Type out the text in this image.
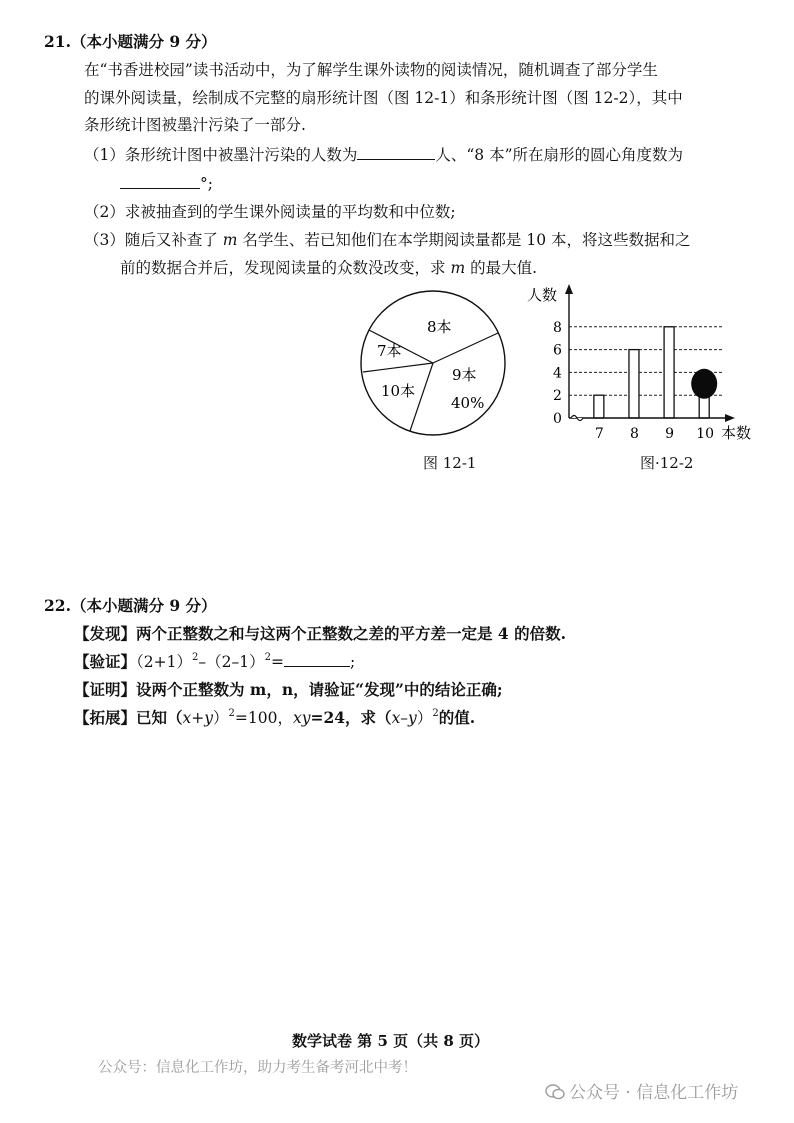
21.（本小题满分 9 分）
在“书香进校园”读书活动中，为了解学生课外读物的阅读情况，随机调查了部分学生
的课外阅读量，绘制成不完整的扇形统计图（图 12-1）和条形统计图（图 12-2），其中
条形统计图被墨汁污染了一部分.
（1）条形统计图中被墨汁污染的人数为	人、“8 本”所在扇形的圆心角度数为
°;
（2）求被抽查到的学生课外阅读量的平均数和中位数;
（3）随后又补查了 m 名学生、若已知他们在本学期阅读量都是 10 本，将这些数据和之
前的数据合并后，发现阅读量的众数没改变，求 m 的最大值.
8本
7本
10本
9本
40%
图 12-1
人数
本数
0
2
4
6
8
7 8 9 10
图·12-2
22.（本小题满分 9 分）
【发现】两个正整数之和与这两个正整数之差的平方差一定是 4 的倍数.
【验证】$(2+1)^2-(2-1)^2=$	;
【证明】设两个正整数为 m，n，请验证“发现”中的结论正确;
【拓展】已知$(x+y)^2=100$，xy=24，求$(x-y)^2$的值.
数学试卷 第 5 页（共 8 页）
公众号：信息化工作坊，助力考生备考河北中考！
公众号 · 信息化工作坊
